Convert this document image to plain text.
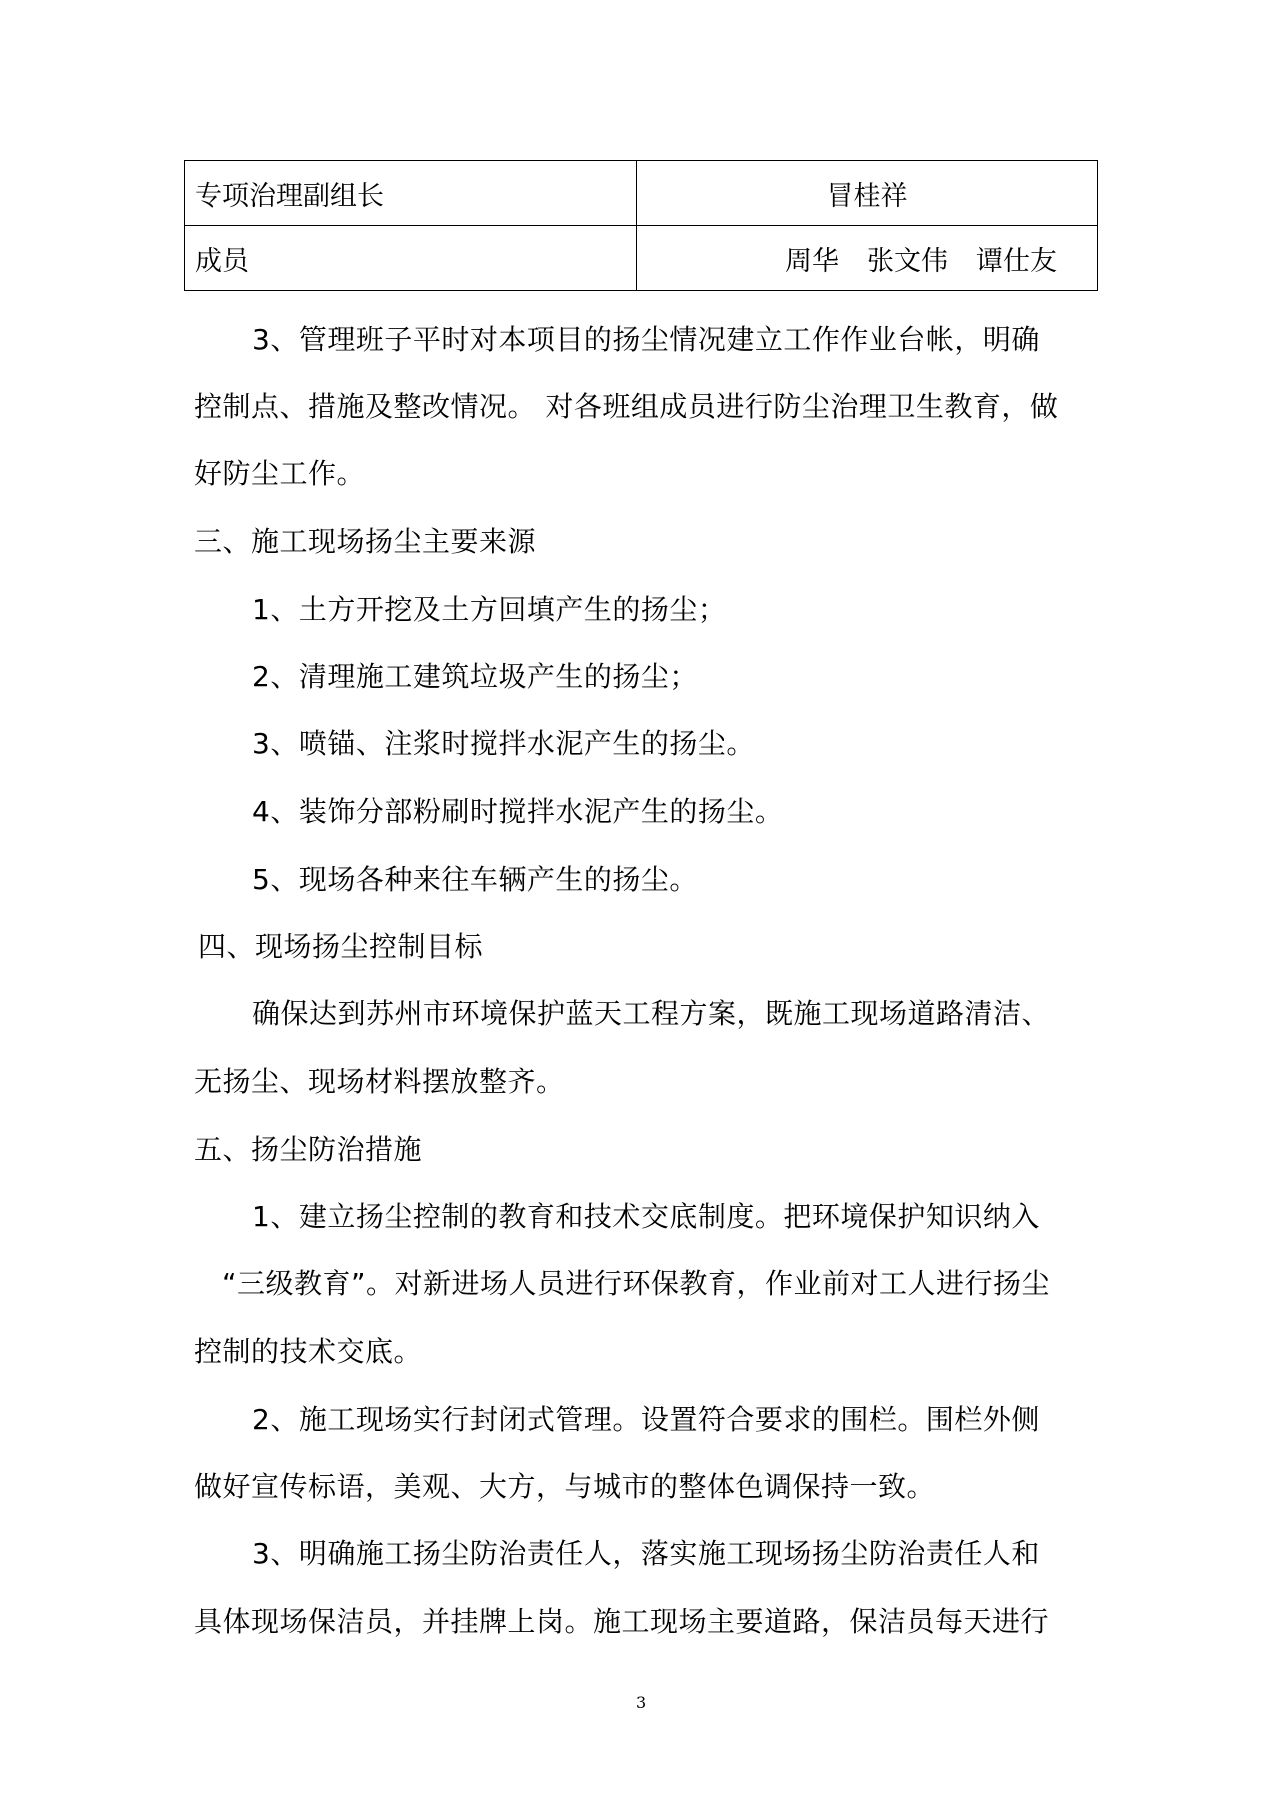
专项治理副组长	冒桂祥
成员	周华 张文伟 谭仕友
3、管理班子平时对本项目的扬尘情况建立工作作业台帐，明确
控制点、措施及整改情况。 对各班组成员进行防尘治理卫生教育，做
好防尘工作。
三、施工现场扬尘主要来源
1、土方开挖及土方回填产生的扬尘；
2、清理施工建筑垃圾产生的扬尘；
3、喷锚、注浆时搅拌水泥产生的扬尘。
4、装饰分部粉刷时搅拌水泥产生的扬尘。
5、现场各种来往车辆产生的扬尘。
四、现场扬尘控制目标
确保达到苏州市环境保护蓝天工程方案，既施工现场道路清洁、
无扬尘、现场材料摆放整齐。
五、扬尘防治措施
1、建立扬尘控制的教育和技术交底制度。把环境保护知识纳入
“三级教育”。对新进场人员进行环保教育，作业前对工人进行扬尘
控制的技术交底。
2、施工现场实行封闭式管理。设置符合要求的围栏。围栏外侧
做好宣传标语，美观、大方，与城市的整体色调保持一致。
3、明确施工扬尘防治责任人，落实施工现场扬尘防治责任人和
具体现场保洁员，并挂牌上岗。施工现场主要道路，保洁员每天进行
3
